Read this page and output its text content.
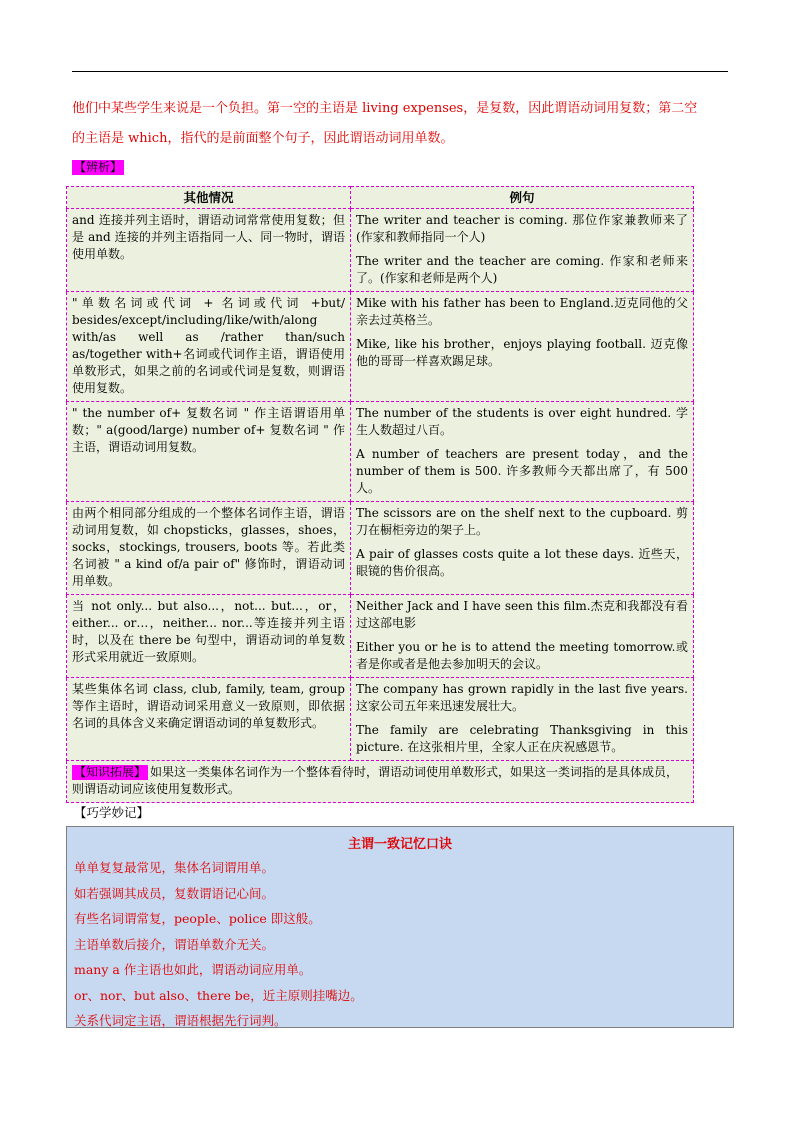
他们中某些学生来说是一个负担。第一空的主语是 living expenses，是复数，因此谓语动词用复数；第二空
的主语是 which，指代的是前面整个句子，因此谓语动词用单数。
【辨析】
其他情况	例句
and 连接并列主语时，谓语动词常常使用复数；但是 and 连接的并列主语指同一人、同一物时，谓语使用单数。	The writer and teacher is coming. 那位作家兼教师来了(作家和教师指同一个人)

The writer and the teacher are coming. 作家和老师来了。(作家和老师是两个人)

"单数名词或代词 + 名词或代词 +but/ besides/except/including/like/with/along with/as well as /rather than/such as/together with+名词或代词作主语，谓语使用单数形式，如果之前的名词或代词是复数，则谓语使用复数。	Mike with his father has been to England.迈克同他的父亲去过英格兰。

Mike, like his brother，enjoys playing football. 迈克像他的哥哥一样喜欢踢足球。

" the number of+ 复数名词 " 作主语谓语用单数；" a(good/large) number of+ 复数名词 " 作主语，谓语动词用复数。	The number of the students is over eight hundred. 学生人数超过八百。

A number of teachers are present today，and the number of them is 500. 许多教师今天都出席了，有 500 人。

由两个相同部分组成的一个整体名词作主语，谓语动词用复数，如 chopsticks，glasses，shoes，socks，stockings, trousers, boots 等。若此类名词被 " a kind of/a pair of" 修饰时，谓语动词用单数。	The scissors are on the shelf next to the cupboard. 剪刀在橱柜旁边的架子上。

A pair of glasses costs quite a lot these days. 近些天，眼镜的售价很高。

当 not only... but also...，not... but...，or，either... or…，neither... nor...等连接并列主语时，以及在 there be 句型中，谓语动词的单复数形式采用就近一致原则。	Neither Jack and I have seen this film.杰克和我都没有看过这部电影

Either you or he is to attend the meeting tomorrow.或者是你或者是他去参加明天的会议。

某些集体名词 class, club, family, team, group 等作主语时，谓语动词采用意义一致原则，即依据名词的具体含义来确定谓语动词的单复数形式。	The company has grown rapidly in the last five years.这家公司五年来迅速发展壮大。

The family are celebrating Thanksgiving in this picture. 在这张相片里，全家人正在庆祝感恩节。

【知识拓展】 如果这一类集体名词作为一个整体看待时，谓语动词使用单数形式，如果这一类词指的是具体成员，则谓语动词应该使用复数形式。	
【巧学妙记】
主谓一致记忆口诀
单单复复最常见，集体名词谓用单。
如若强调其成员，复数谓语记心间。
有些名词谓常复，people、police 即这般。
主语单数后接介，谓语单数介无关。
many a 作主语也如此，谓语动词应用单。
or、nor、but also、there be，近主原则挂嘴边。
关系代词定主语，谓语根据先行词判。
